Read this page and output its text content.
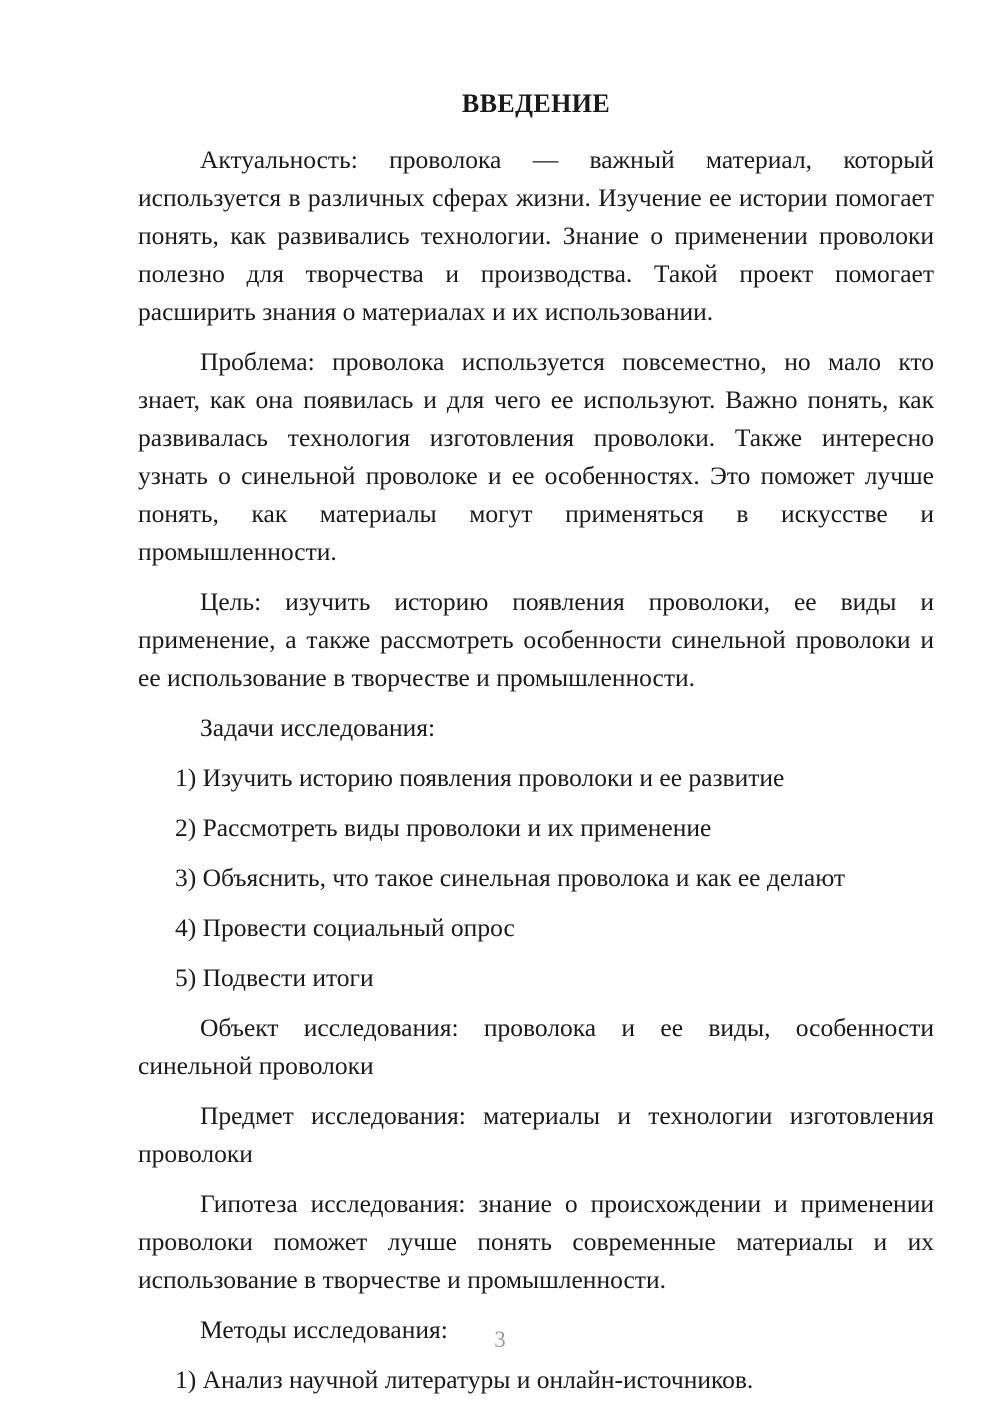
ВВЕДЕНИЕ

Актуальность: проволока — важный материал, который используется в различных сферах жизни. Изучение ее истории помогает понять, как развивались технологии. Знание о применении проволоки полезно для творчества и производства. Такой проект помогает расширить знания о материалах и их использовании.

Проблема: проволока используется повсеместно, но мало кто знает, как она появилась и для чего ее используют. Важно понять, как развивалась технология изготовления проволоки. Также интересно узнать о синельной проволоке и ее особенностях. Это поможет лучше понять, как материалы могут применяться в искусстве и промышленности.

Цель: изучить историю появления проволоки, ее виды и применение, а также рассмотреть особенности синельной проволоки и ее использование в творчестве и промышленности.

Задачи исследования:

1) Изучить историю появления проволоки и ее развитие
2) Рассмотреть виды проволоки и их применение
3) Объяснить, что такое синельная проволока и как ее делают
4) Провести социальный опрос
5) Подвести итоги

Объект исследования: проволока и ее виды, особенности синельной проволоки

Предмет исследования: материалы и технологии изготовления проволоки

Гипотеза исследования: знание о происхождении и применении проволоки поможет лучше понять современные материалы и их использование в творчестве и промышленности.

Методы исследования:

1) Анализ научной литературы и онлайн-источников.
3
